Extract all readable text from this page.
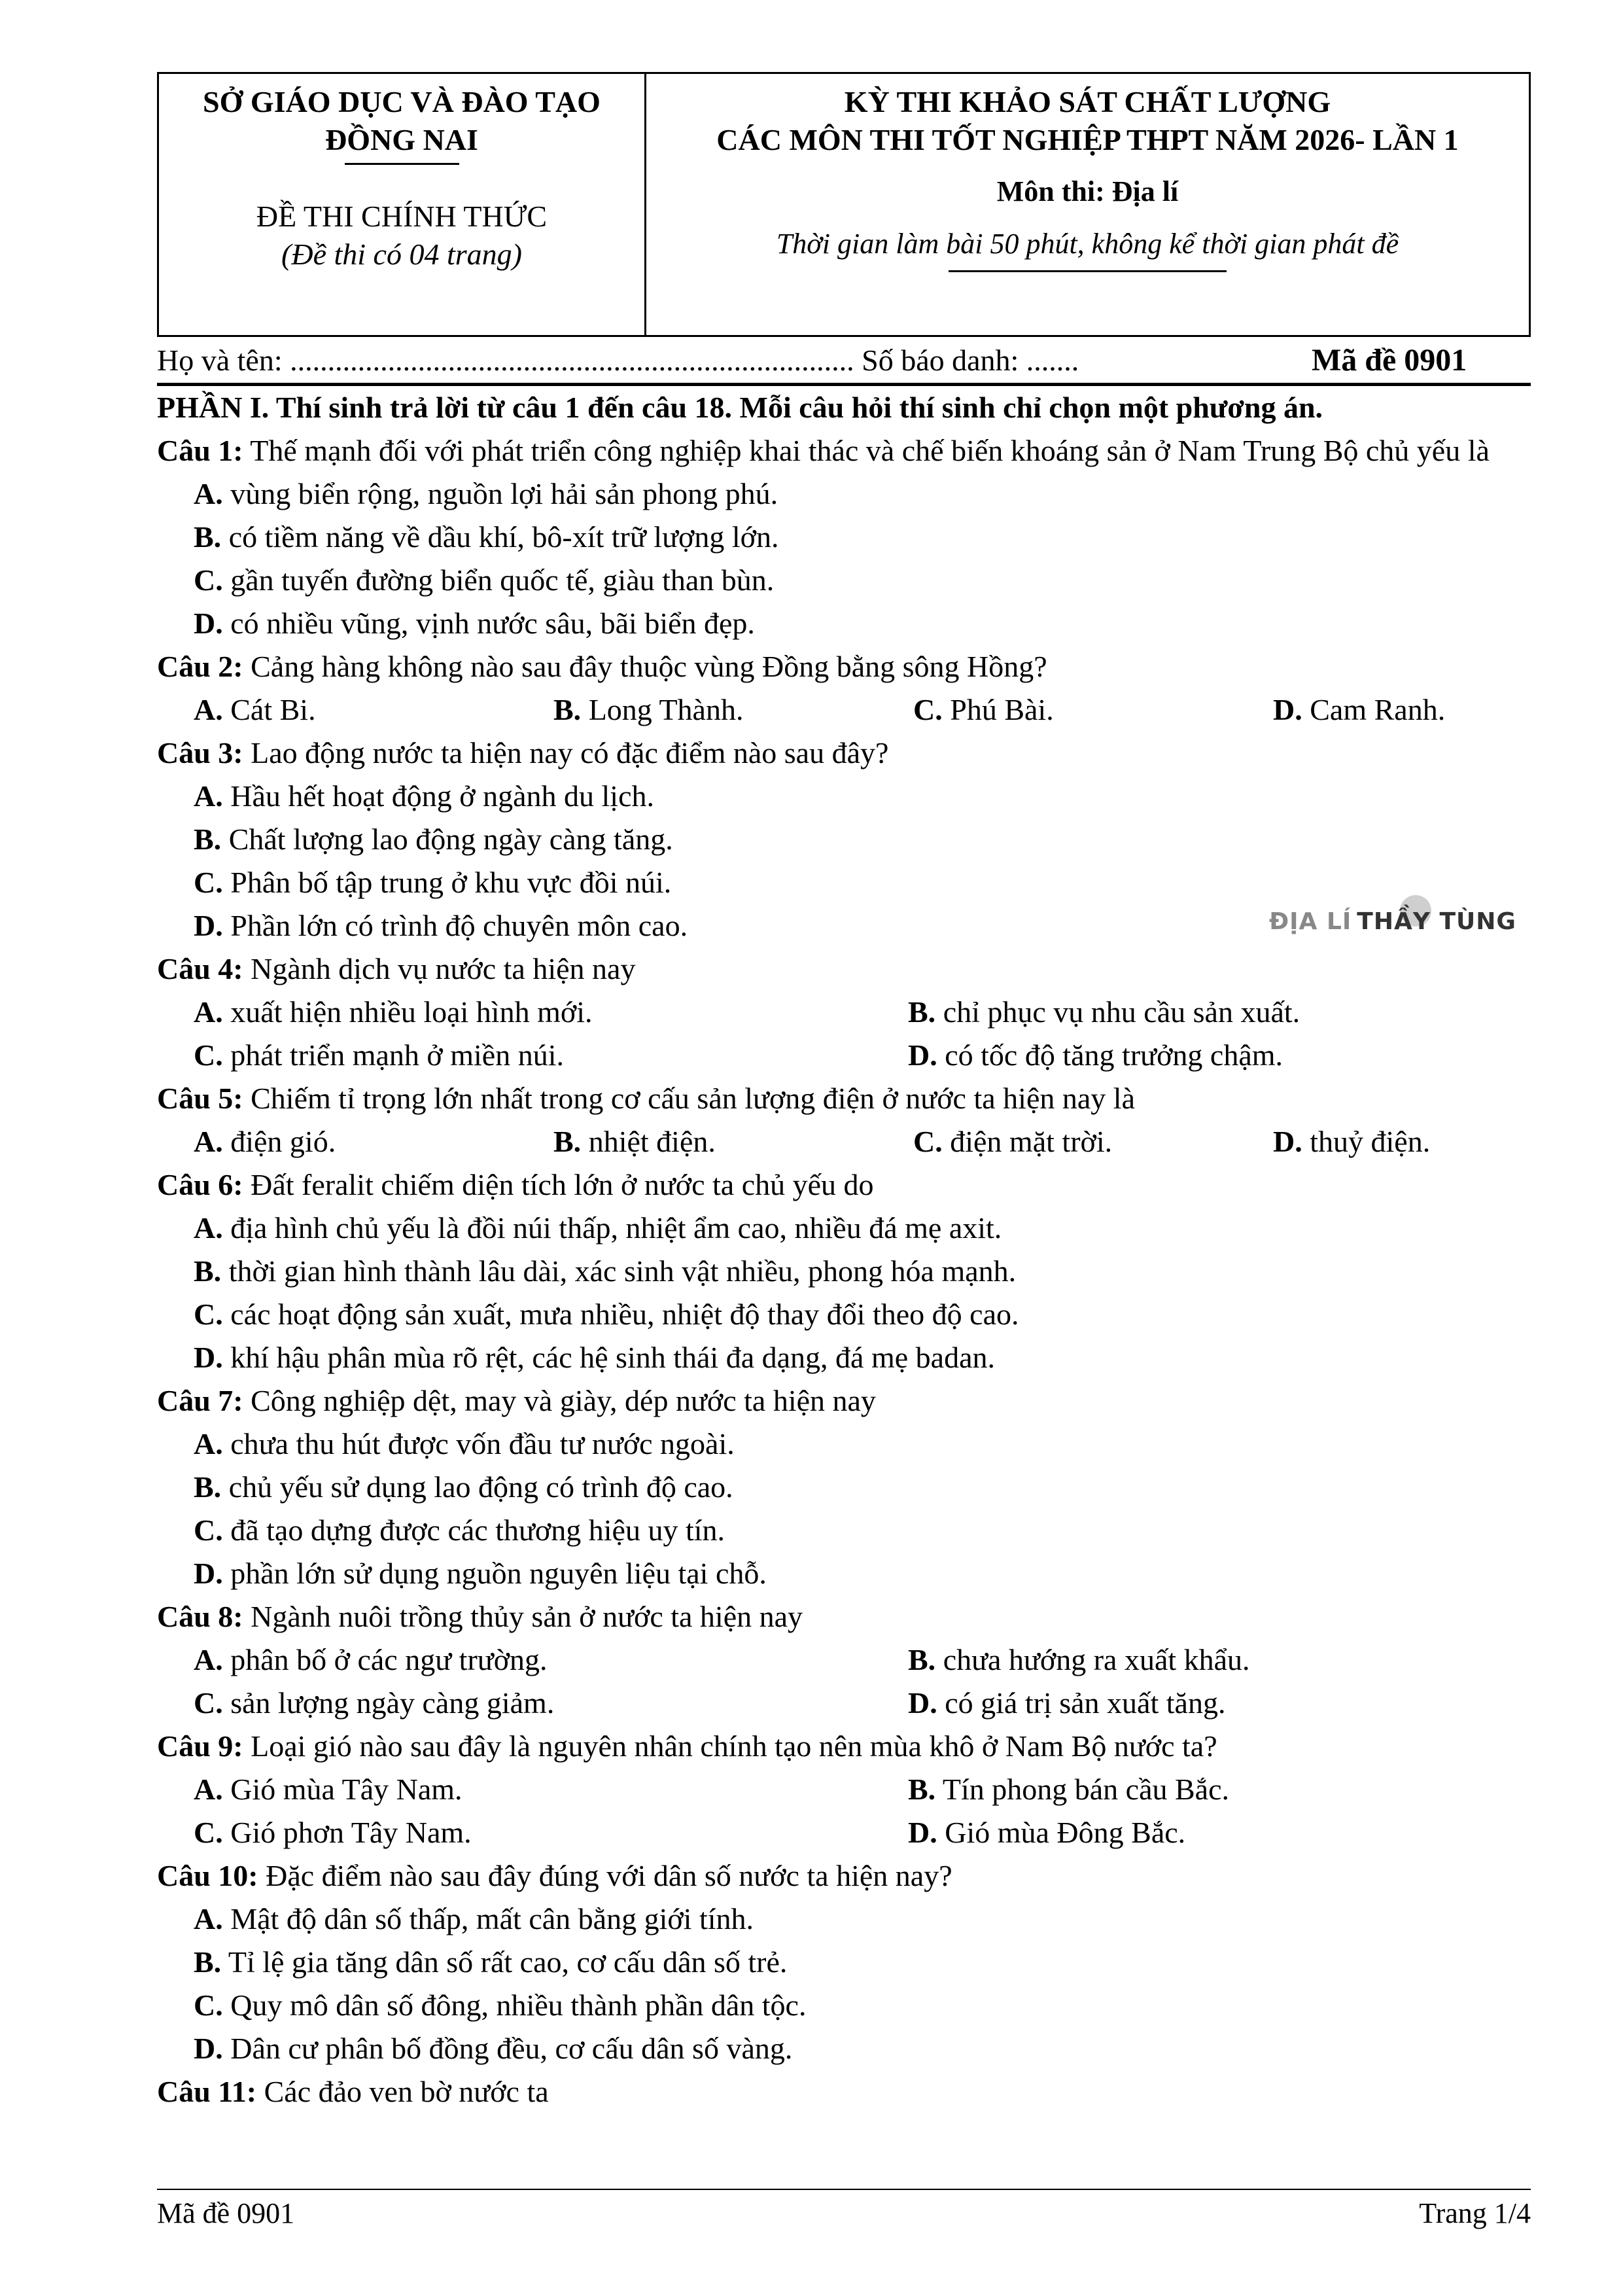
SỞ GIÁO DỤC VÀ ĐÀO TẠO
ĐỒNG NAI
ĐỀ THI CHÍNH THỨC
(Đề thi có 04 trang)
KỲ THI KHẢO SÁT CHẤT LƯỢNG
CÁC MÔN THI TỐT NGHIỆP THPT NĂM 2026- LẦN 1
Môn thi: Địa lí
Thời gian làm bài 50 phút, không kể thời gian phát đề
Họ và tên: ........................................................................... Số báo danh: .......	Mã đề 0901
PHẦN I. Thí sinh trả lời từ câu 1 đến câu 18. Mỗi câu hỏi thí sinh chỉ chọn một phương án.
Câu 1: Thế mạnh đối với phát triển công nghiệp khai thác và chế biến khoáng sản ở Nam Trung Bộ chủ yếu là
A. vùng biển rộng, nguồn lợi hải sản phong phú.
B. có tiềm năng về dầu khí, bô-xít trữ lượng lớn.
C. gần tuyến đường biển quốc tế, giàu than bùn.
D. có nhiều vũng, vịnh nước sâu, bãi biển đẹp.
Câu 2: Cảng hàng không nào sau đây thuộc vùng Đồng bằng sông Hồng?
A. Cát Bi.	B. Long Thành.	C. Phú Bài.	D. Cam Ranh.
Câu 3: Lao động nước ta hiện nay có đặc điểm nào sau đây?
A. Hầu hết hoạt động ở ngành du lịch.
B. Chất lượng lao động ngày càng tăng.
C. Phân bố tập trung ở khu vực đồi núi.
D. Phần lớn có trình độ chuyên môn cao.
Câu 4: Ngành dịch vụ nước ta hiện nay
A. xuất hiện nhiều loại hình mới.	B. chỉ phục vụ nhu cầu sản xuất.
C. phát triển mạnh ở miền núi.	D. có tốc độ tăng trưởng chậm.
Câu 5: Chiếm tỉ trọng lớn nhất trong cơ cấu sản lượng điện ở nước ta hiện nay là
A. điện gió.	B. nhiệt điện.	C. điện mặt trời.	D. thuỷ điện.
Câu 6: Đất feralit chiếm diện tích lớn ở nước ta chủ yếu do
A. địa hình chủ yếu là đồi núi thấp, nhiệt ẩm cao, nhiều đá mẹ axit.
B. thời gian hình thành lâu dài, xác sinh vật nhiều, phong hóa mạnh.
C. các hoạt động sản xuất, mưa nhiều, nhiệt độ thay đổi theo độ cao.
D. khí hậu phân mùa rõ rệt, các hệ sinh thái đa dạng, đá mẹ badan.
Câu 7: Công nghiệp dệt, may và giày, dép nước ta hiện nay
A. chưa thu hút được vốn đầu tư nước ngoài.
B. chủ yếu sử dụng lao động có trình độ cao.
C. đã tạo dựng được các thương hiệu uy tín.
D. phần lớn sử dụng nguồn nguyên liệu tại chỗ.
Câu 8: Ngành nuôi trồng thủy sản ở nước ta hiện nay
A. phân bố ở các ngư trường.	B. chưa hướng ra xuất khẩu.
C. sản lượng ngày càng giảm.	D. có giá trị sản xuất tăng.
Câu 9: Loại gió nào sau đây là nguyên nhân chính tạo nên mùa khô ở Nam Bộ nước ta?
A. Gió mùa Tây Nam.	B. Tín phong bán cầu Bắc.
C. Gió phơn Tây Nam.	D. Gió mùa Đông Bắc.
Câu 10: Đặc điểm nào sau đây đúng với dân số nước ta hiện nay?
A. Mật độ dân số thấp, mất cân bằng giới tính.
B. Tỉ lệ gia tăng dân số rất cao, cơ cấu dân số trẻ.
C. Quy mô dân số đông, nhiều thành phần dân tộc.
D. Dân cư phân bố đồng đều, cơ cấu dân số vàng.
Câu 11: Các đảo ven bờ nước ta
ĐỊA LÍ THẦY TÙNG
Mã đề 0901	Trang 1/4
